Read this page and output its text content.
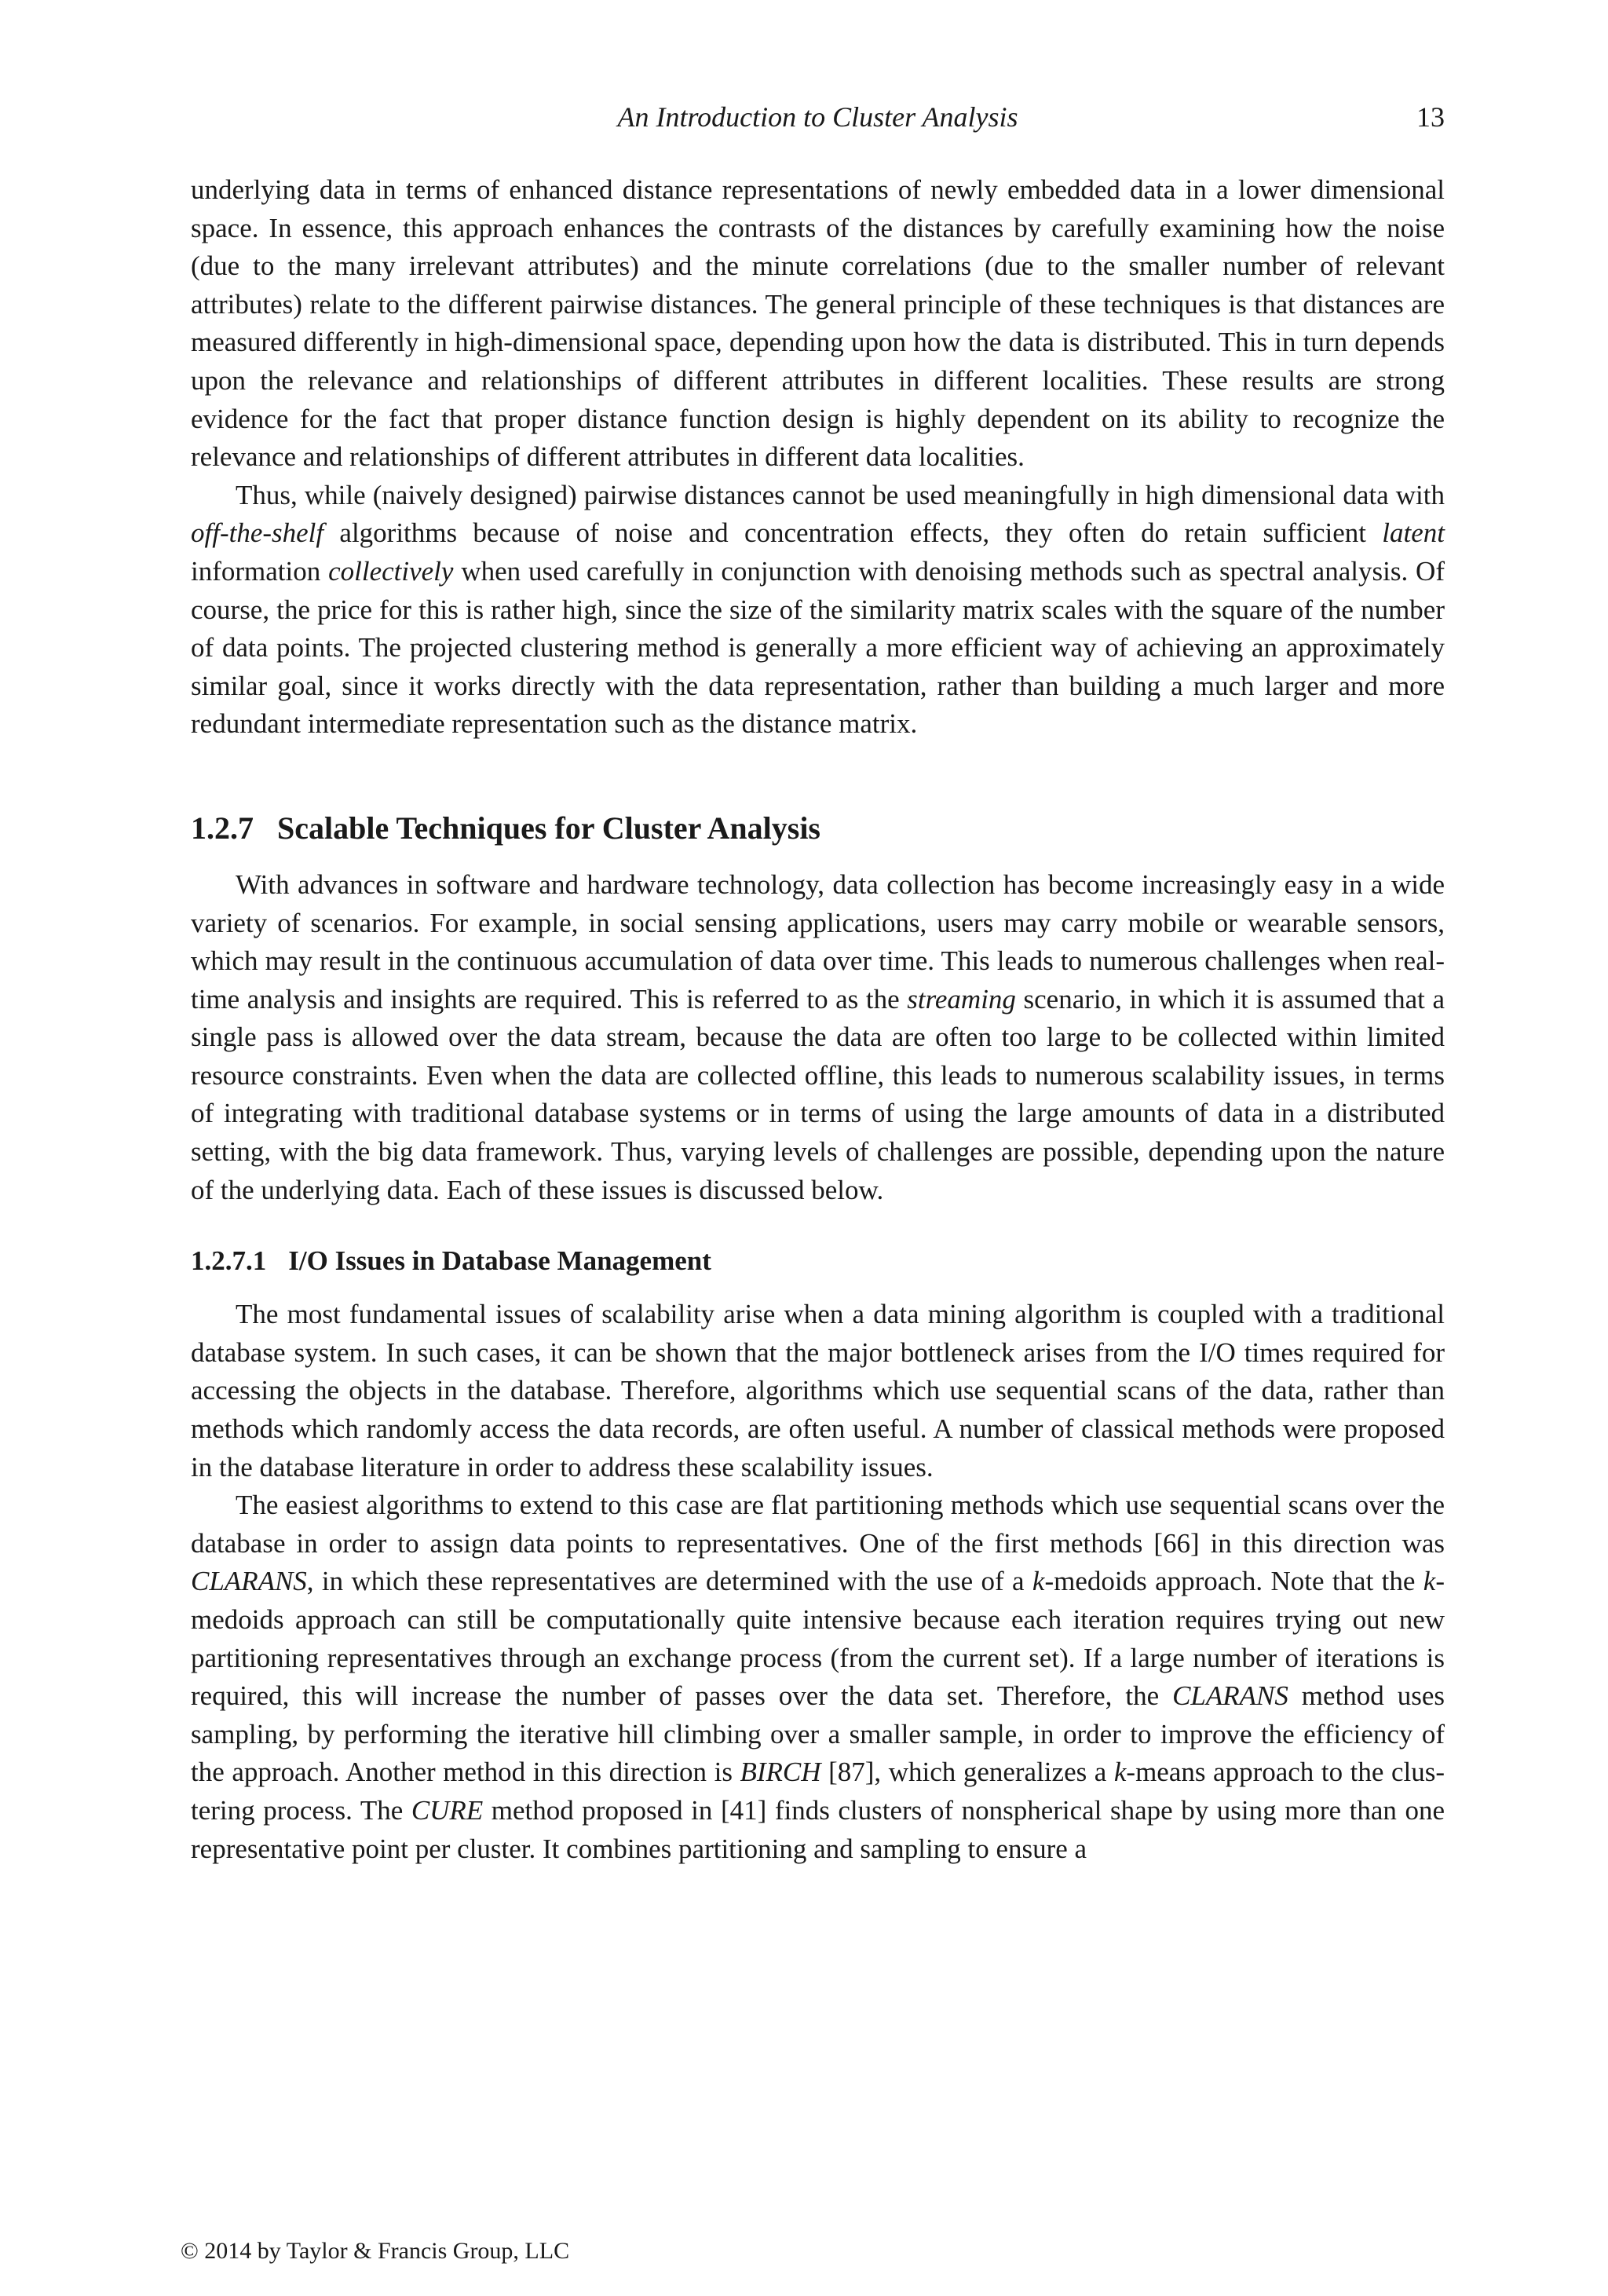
An Introduction to Cluster Analysis	13

underlying data in terms of enhanced distance representations of newly embedded data in a lower dimensional space. In essence, this approach enhances the contrasts of the distances by carefully examining how the noise (due to the many irrelevant attributes) and the minute correlations (due to the smaller number of relevant attributes) relate to the different pairwise distances. The general principle of these techniques is that distances are measured differently in high-dimensional space, depending upon how the data is distributed. This in turn depends upon the relevance and relationships of different attributes in different localities. These results are strong evidence for the fact that proper distance function design is highly dependent on its ability to recognize the relevance and relationships of different attributes in different data localities.

Thus, while (naively designed) pairwise distances cannot be used meaningfully in high dimensional data with off-the-shelf algorithms because of noise and concentration effects, they often do retain sufficient latent information collectively when used carefully in conjunction with denoising methods such as spectral analysis. Of course, the price for this is rather high, since the size of the similarity matrix scales with the square of the number of data points. The projected clustering method is generally a more efficient way of achieving an approximately similar goal, since it works directly with the data representation, rather than building a much larger and more redundant intermediate representation such as the distance matrix.

1.2.7 Scalable Techniques for Cluster Analysis

With advances in software and hardware technology, data collection has become increasingly easy in a wide variety of scenarios. For example, in social sensing applications, users may carry mobile or wearable sensors, which may result in the continuous accumulation of data over time. This leads to numerous challenges when real-time analysis and insights are required. This is referred to as the streaming scenario, in which it is assumed that a single pass is allowed over the data stream, because the data are often too large to be collected within limited resource constraints. Even when the data are collected offline, this leads to numerous scalability issues, in terms of integrating with traditional database systems or in terms of using the large amounts of data in a distributed setting, with the big data framework. Thus, varying levels of challenges are possible, depending upon the nature of the underlying data. Each of these issues is discussed below.

1.2.7.1 I/O Issues in Database Management

The most fundamental issues of scalability arise when a data mining algorithm is coupled with a traditional database system. In such cases, it can be shown that the major bottleneck arises from the I/O times required for accessing the objects in the database. Therefore, algorithms which use sequential scans of the data, rather than methods which randomly access the data records, are often useful. A number of classical methods were proposed in the database literature in order to address these scalability issues.

The easiest algorithms to extend to this case are flat partitioning methods which use sequential scans over the database in order to assign data points to representatives. One of the first methods [66] in this direction was CLARANS, in which these representatives are determined with the use of a k-medoids approach. Note that the k-medoids approach can still be computationally quite intensive because each iteration requires trying out new partitioning representatives through an exchange process (from the current set). If a large number of iterations is required, this will increase the number of passes over the data set. Therefore, the CLARANS method uses sampling, by performing the iterative hill climbing over a smaller sample, in order to improve the efficiency of the approach. Another method in this direction is BIRCH [87], which generalizes a k-means approach to the clustering process. The CURE method proposed in [41] finds clusters of nonspherical shape by using more than one representative point per cluster. It combines partitioning and sampling to ensure a

© 2014 by Taylor & Francis Group, LLC
